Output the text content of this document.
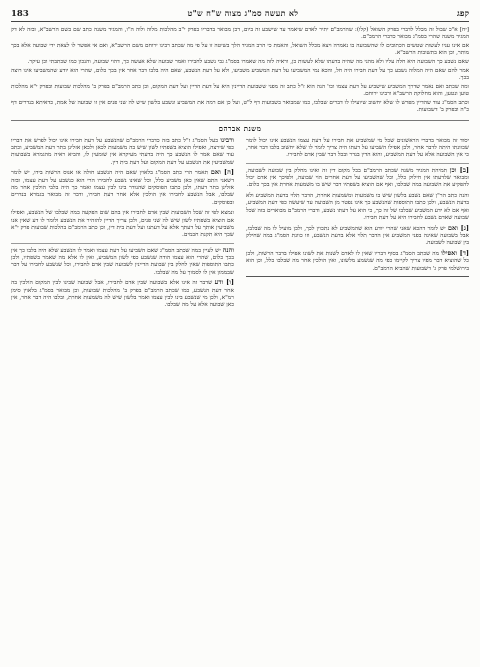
קפג
לא תעשה סמ"ג מצוה ש"ח ש"ט
183

[יח] א"כ שבול זה מכלל לדברי בפרק השואל (קלו): שהרמב"ם יתיר לאדם שיאמר עד שישבע זה ביום, דכן מבואר בדבריו בפרק י"ב מהלכות מלוה ולוה ה"ו, והמגיד משנה כתב שם בשם הרשב"א, ובזה לא דק המגיד משנה שהרי בסמ"ג מבואר כדברי הרמב"ם.

אם אינו עניו לעשות שטשים הכתובים לו שהשבועה בו נאמרה ויצא מכלל השואל, והאמת כי הרב המגיד הלך בשיטה זו על פי מה שכתב רבינו ירוחם משם הרשב"א, ואם אי אפשר לו לצאת ידי שבועה אלא בכך מותר, וכן הוא בתשובות הרשב"א.

שאם נשבע כך השבועה היא חלה עליו ולא מהני מה שהיה בדעתו שלא לעשות כן, וראיה לזה מה שאמרו בסמ"ג גבי נשבע לחבירו ואמר שבועה שלא אעשה כך, דהוי שבועה, והנכון כמו שכתבתי וכן עיקר.

אמר להם שאם היה המלוה נשבע כך על דעת חבירו היה חל, והכא נמי המשביעו על דעת המשביע משביעו, ולא על דעת הנשבע, שאם היה בלבו דבר אחר אין בכך כלום, שהרי הוא יודע שהמשביעו אינו רוצה בכך.

ומה שכתב ואם נאמר שדרך המשביע שישביע על דעת עצמו וכו' הנה הוא ז"ל כתב זה מפני ששבועת הדיינין היא על דעת הדיין ועל דעת המקום, וכן כתב הרמב"ם בפרק ב' מהלכות שבועות ובפרק י"א מהלכות טוען ונטען, והוא מחלוקת הרשב"א ורבינו ירוחם.

וכתב הסמ"ג עוד שהדיין מפרש לו שלא יחשוב שיועילו לו דברים שבלבו, כמו שמבואר בשבועות דף ל"ט, ועל כן אם רמה את המשביע ונשבע בלשון שיש לה שני פנים אין זו שבועה של אמת, כדאיתא בנדרים דף כ"ה ובפרק ב' דשבועות.

משנת אברהם

יסוד זה מבואר בדברי הראשונים שכל מי שמשביע את חבירו על דעת עצמו הנשבע אינו יכול לומר שכוונתו היתה לדבר אחר, ולכן אפילו השביעו על דעתו היה צריך לומר לו שלא יחשוב בלבו דבר אחר, כי אין השבועה אלא על דעת המשביע, והוא הדין בנדר ובכל דבר שבין אדם לחבירו.

[ב] וכן תמיהת המגיד משנה שכתב הרמב"ם בכל מקום דין זה ואינו מחלק בין שבועה לשבועה, ומבואר שלדעתו אין חילוק כלל, וכל שהשביעו על דעת אחרים הוי שבועה, ולפיכך אין אדם יכול להפקיע את השבועה במה שבלבו, ואף אם הוציא בשפתיו דבר שיש בו משמעות אחרת אין בכך כלום.

והנה כתב הר"ן שאם נשבע בלשון שיש בו משמעות ומשמעות אחרת, הדבר תלוי בדעת המשביע ולא בדעת הנשבע, ולכן כתבו התוספות שהנשבע כך אינו נפטר מן השבועה עד שיעשה כפי דעת המשביע, ואף אם לא ידע המשביע שבלבו של זה כך, כי הוא על דעתו נשבע, ודברי הרמב"ם מבוארים בזה שכל שבועה שאדם נשבע לחבירו היא על דעת חבירו.

[ג] ואם יש לומר דהכא שאני שהרי יודע הוא שהמשביע לא נתכוין לכך, ולכן מועיל לו מה שבלבו, אבל בשבועה שאינה בפני המשביע אין הדבר תלוי אלא בדעת הנשבע, וזו כוונת הסמ"ג במה שחילק בין שבועה לשבועה.

[ד] ואפילו מה שכתב הסמ"ג בסוף דבריו שאין לו לאדם לשנות את לשונו אפילו בדבר הרשות, ולכן כל שהוציא דבר מפיו צריך לקיימו כפי מה שנשמע מלשונו, ואין הולכין אחר מה שבלבו כלל, וכן הוא בירושלמי פרק ג' דשבועות שהביא הרמב"ם.

ורבינו בעל הסמ"ג ז"ל כתב בזה כדברי הרמב"ם שהנשבע על דעת חבירו אינו יכול לפרש את דבריו כפי שירצה, ואפילו הוציא בשפתיו לשון שיש בה משמעות לכאן ולכאן אזלינן בתר דעת המשביע, וכתב עוד שאם אמר לו הנשבע כך היה בדעתי מעיקרא אין שומעין לו, והביא ראיה מהגמרא בשבועות שמשביעין את הנשבע על דעת המקום ועל דעת בית דין.

[ה] ואם תאמר הרי כתב הסמ"ג בלאוין שאם היה הנשבע חולה או אנוס הרשות בידו, יש לומר דשאני התם שאין כאן משביע כלל, וכל שאינו נשבע לחבירו הרי הוא כנשבע על דעת עצמו, ובזה אזלינן בתר דעתו, ולכן כתבו הפוסקים שהנודר בינו לבין עצמו ואמר כך היה בלבי הולכין אחר מה שבלבו, אבל הנשבע לחבירו אין הולכין אלא אחר דעת חבירו, ודבר זה מבואר בגמרא בנדרים ובפוסקים.

ונמצא לפי זה שכל השבועות שבין אדם לחבירו אין בהם שום הפקעה במה שבלבו של הנשבע, ואפילו אם הוציא בשפתיו לשון שיש לה שני פנים, ולכן צריך הדיין להזהיר את הנשבע ולומר לו דע שאין אנו משביעין אותך על דעתך אלא על דעתנו ועל דעת בית דין, וכן כתב הרמב"ם בהלכות שבועות פרק י"א שכך היא תקנת חכמים.

והנה יש לעיין במה שכתב הסמ"ג שאם השביעו על דעת עצמו ואמר לו הנשבע שלא היה בלבו כך אין בכך כלום, שהרי הוא עצמו הודה שנשבע כפי לשון המשביע, ואין לו אלא מה שאמר בשפתיו, ולכן כתבו התוספות שאין לחלק בין שבועת הדיינין לשבועה שבין אדם לחבירו, וכל שנשבע לחבירו על דבר שבממון אין לו לסמוך על מה שבלבו.

[ו] ודע שדבר זה אינו אלא בשבועה שבין אדם לחבירו, אבל שבועה שבינו לבין המקום הולכין בה אחר דעת הנשבע, כמו שכתב הרמב"ם בפרק ב' מהלכות שבועות, וכן מבואר בסמ"ג בלאוין סימן רמ"א, ולכן מי שנשבע בינו לבין עצמו ואמר בלשון שיש לה משמעות אחרת, ובלבו היה דבר אחר, אין כאן שבועה אלא על מה שבלבו.
